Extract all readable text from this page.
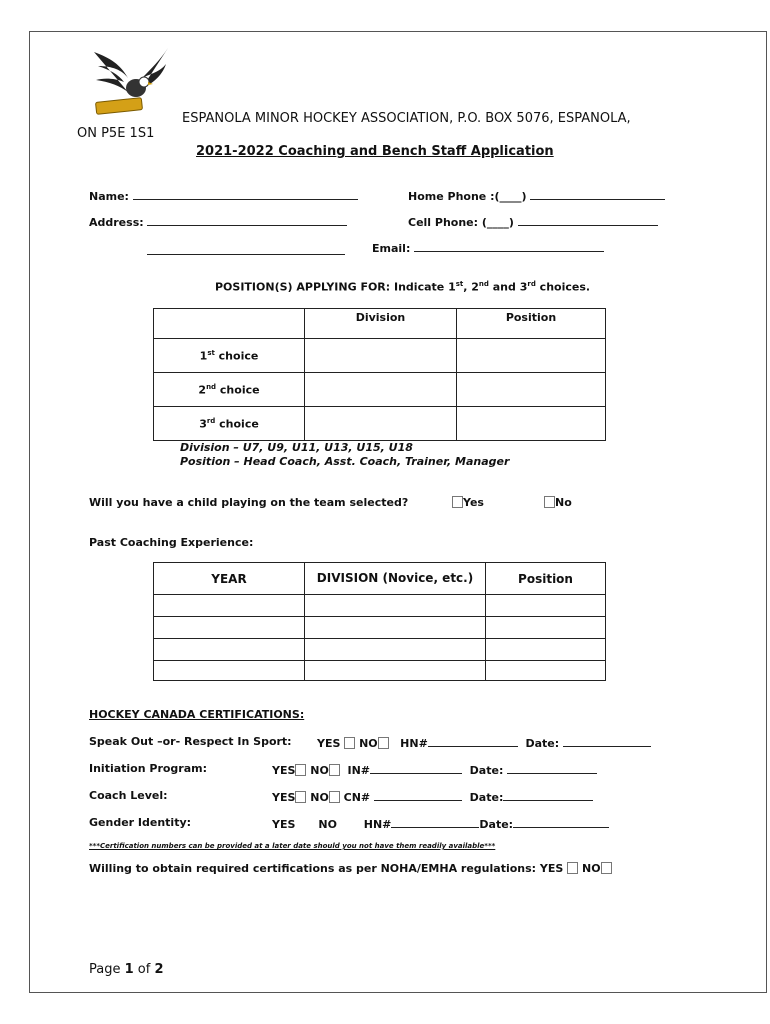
ESPANOLA MINOR HOCKEY ASSOCIATION, P.O. BOX 5076, ESPANOLA,
ON P5E 1S1
2021-2022 Coaching and Bench Staff Application
Name:	Home Phone :(____)
Address:	Cell Phone: (____)
Email:
POSITION(S) APPLYING FOR: Indicate 1st, 2nd and 3rd choices.
	Division	Position
1st choice		
2nd choice		
3rd choice		
Division – U7, U9, U11, U13, U15, U18
Position – Head Coach, Asst. Coach, Trainer, Manager
Will you have a child playing on the team selected?	Yes	No
Past Coaching Experience:
YEAR	DIVISION (Novice, etc.)	Position

HOCKEY CANADA CERTIFICATIONS:
Speak Out –or- Respect In Sport: YES NO HN#	Date:
Initiation Program:	YES NO IN#	Date:
Coach Level:	YES NO CN#	Date:
Gender Identity:	YES NO HN#	Date:
***Certification numbers can be provided at a later date should you not have them readily available***
Willing to obtain required certifications as per NOHA/EMHA regulations: YES NO
Page 1 of 2
